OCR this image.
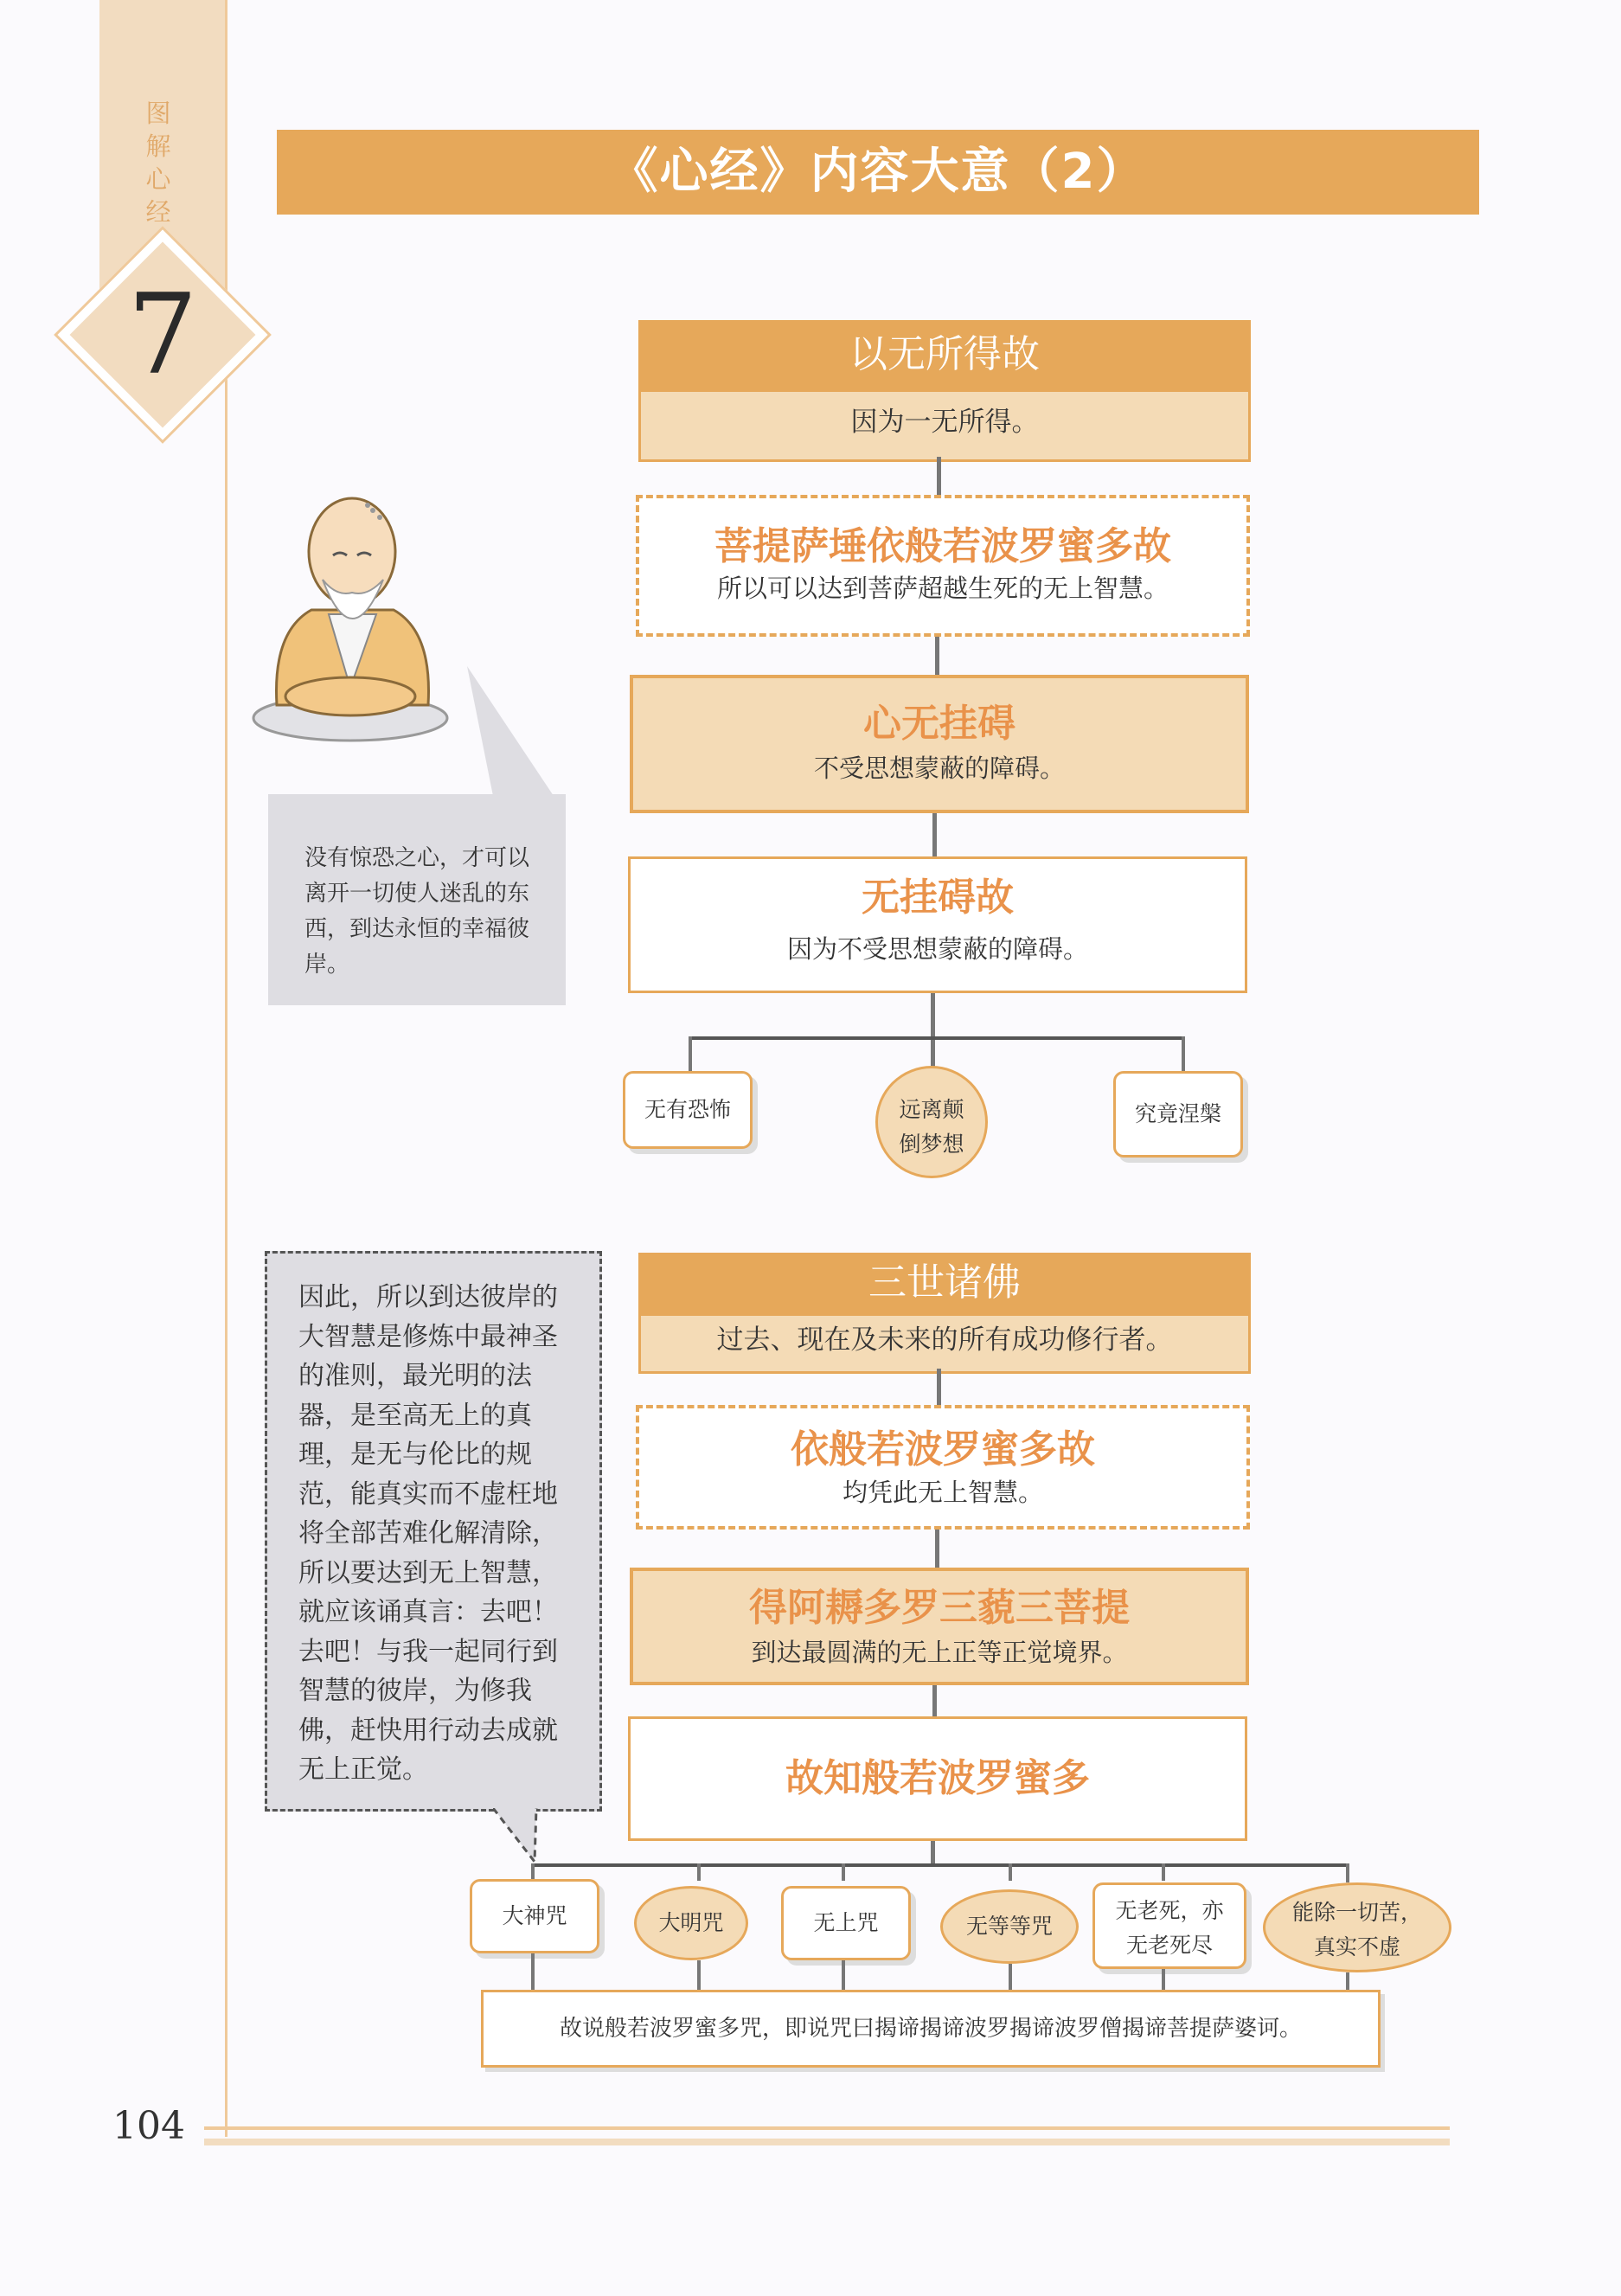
图
解
心
经
7
《心经》内容大意（2）
没有惊恐之心，才可以离开一切使人迷乱的东西，到达永恒的幸福彼岸。
以无所得故
因为一无所得。
菩提萨埵依般若波罗蜜多故
所以可以达到菩萨超越生死的无上智慧。
心无挂碍
不受思想蒙蔽的障碍。
无挂碍故
因为不受思想蒙蔽的障碍。
无有恐怖	远离颠
倒梦想
究竟涅槃
因此，所以到达彼岸的大智慧是修炼中最神圣的准则，最光明的法器，是至高无上的真理，是无与伦比的规范，能真实而不虚枉地将全部苦难化解清除，所以要达到无上智慧，就应该诵真言：去吧！去吧！与我一起同行到智慧的彼岸，为修我佛，赶快用行动去成就无上正觉。
三世诸佛
过去、现在及未来的所有成功修行者。
依般若波罗蜜多故
均凭此无上智慧。
得阿耨多罗三藐三菩提
到达最圆满的无上正等正觉境界。
故知般若波罗蜜多
大神咒	大明咒	无上咒	无等等咒
无老死，亦
无老死尽
能除一切苦，
真实不虚
故说般若波罗蜜多咒，即说咒曰揭谛揭谛波罗揭谛波罗僧揭谛菩提萨婆诃。
104
